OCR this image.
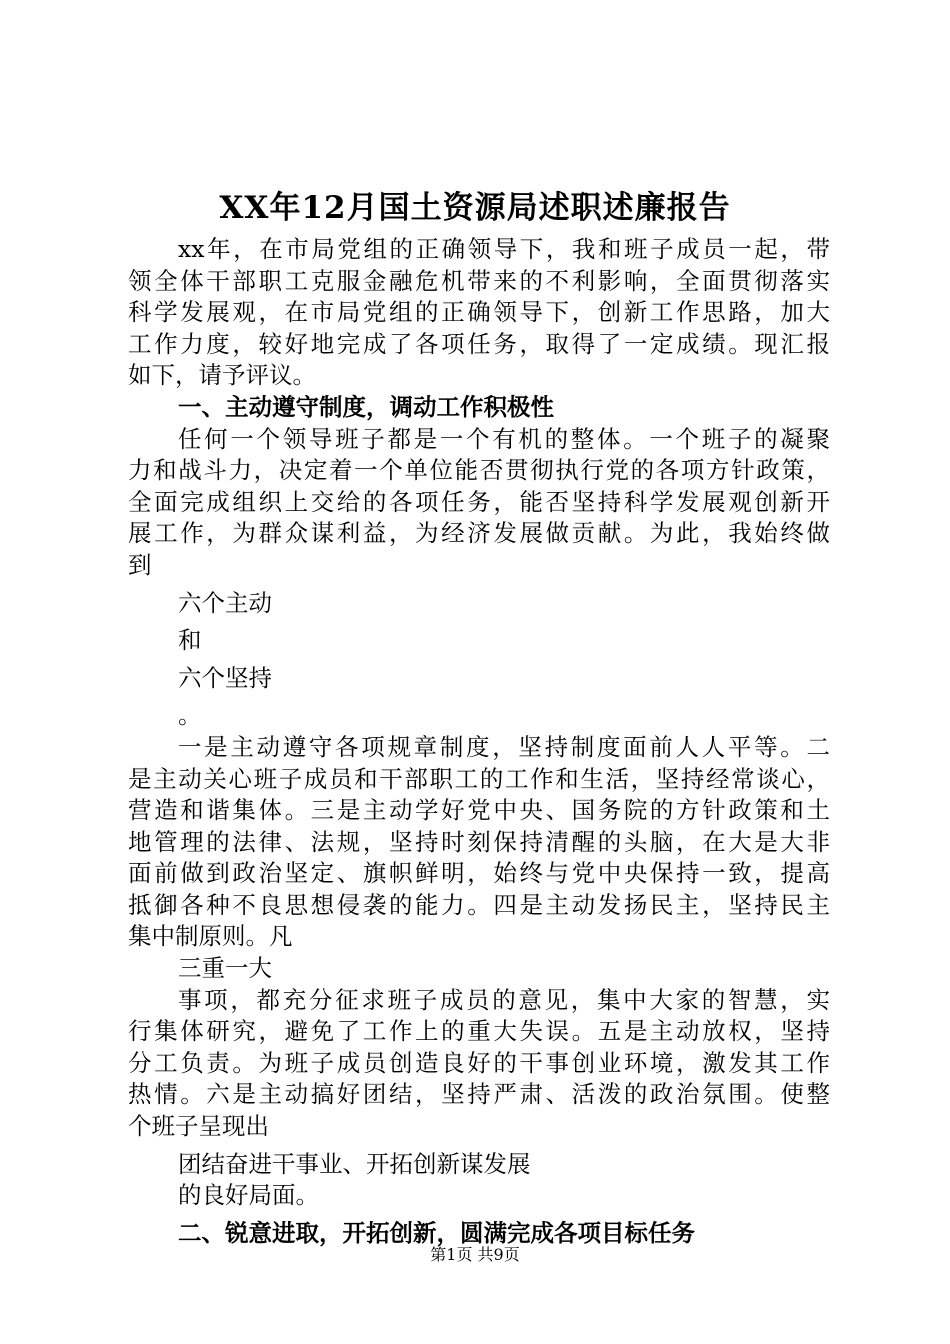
XX年12月国土资源局述职述廉报告
xx年，在市局党组的正确领导下，我和班子成员一起，带
领全体干部职工克服金融危机带来的不利影响，全面贯彻落实
科学发展观，在市局党组的正确领导下，创新工作思路，加大
工作力度，较好地完成了各项任务，取得了一定成绩。现汇报
如下，请予评议。
一、主动遵守制度，调动工作积极性
任何一个领导班子都是一个有机的整体。一个班子的凝聚
力和战斗力，决定着一个单位能否贯彻执行党的各项方针政策，
全面完成组织上交给的各项任务，能否坚持科学发展观创新开
展工作，为群众谋利益，为经济发展做贡献。为此，我始终做
到
六个主动
和
六个坚持
。
一是主动遵守各项规章制度，坚持制度面前人人平等。二
是主动关心班子成员和干部职工的工作和生活，坚持经常谈心，
营造和谐集体。三是主动学好党中央、国务院的方针政策和土
地管理的法律、法规，坚持时刻保持清醒的头脑，在大是大非
面前做到政治坚定、旗帜鲜明，始终与党中央保持一致，提高
抵御各种不良思想侵袭的能力。四是主动发扬民主，坚持民主
集中制原则。凡
三重一大
事项，都充分征求班子成员的意见，集中大家的智慧，实
行集体研究，避免了工作上的重大失误。五是主动放权，坚持
分工负责。为班子成员创造良好的干事创业环境，激发其工作
热情。六是主动搞好团结，坚持严肃、活泼的政治氛围。使整
个班子呈现出
团结奋进干事业、开拓创新谋发展
的良好局面。
二、锐意进取，开拓创新，圆满完成各项目标任务
第1页 共9页
